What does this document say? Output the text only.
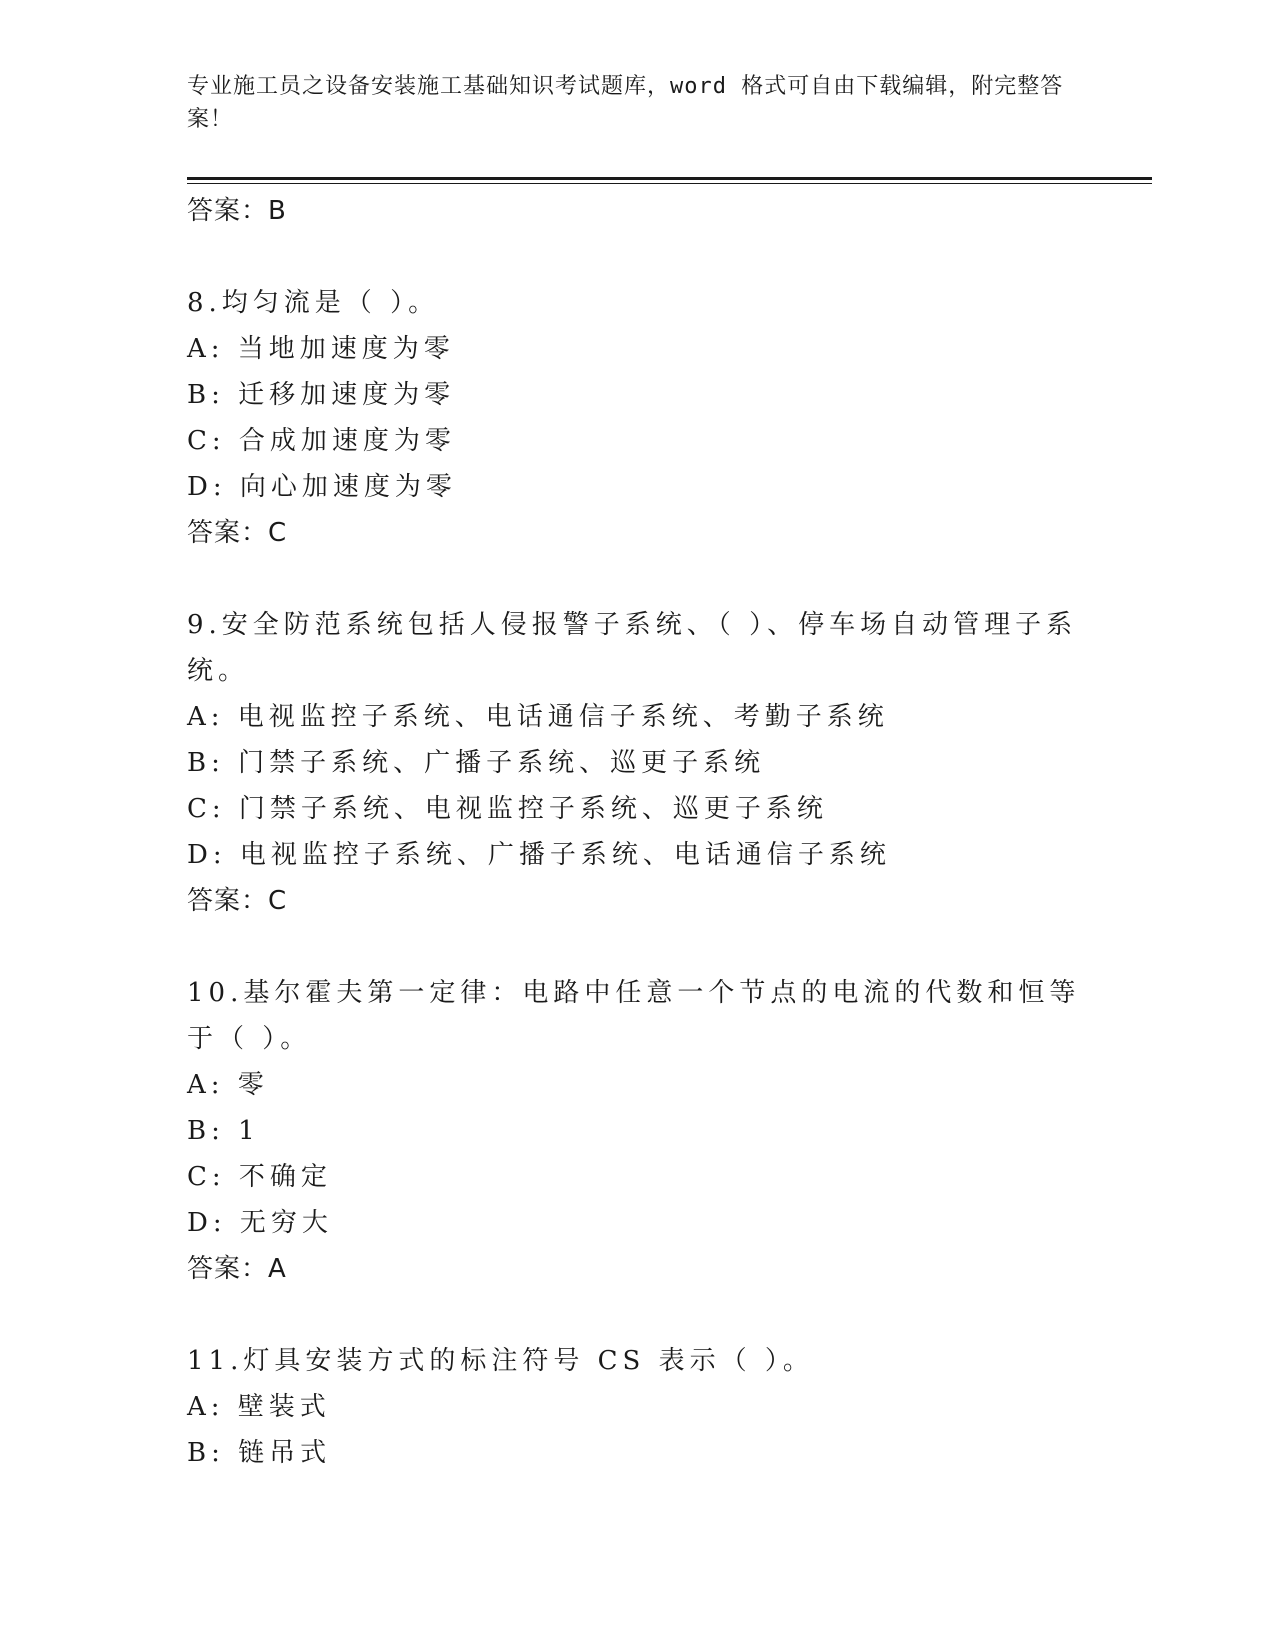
专业施工员之设备安装施工基础知识考试题库，word 格式可自由下载编辑，附完整答案！
答案：B
8.均匀流是（ ）。
A: 当地加速度为零
B: 迁移加速度为零
C: 合成加速度为零
D: 向心加速度为零
答案：C
9.安全防范系统包括人侵报警子系统、（ ）、停车场自动管理子系统。
A: 电视监控子系统、电话通信子系统、考勤子系统
B: 门禁子系统、广播子系统、巡更子系统
C: 门禁子系统、电视监控子系统、巡更子系统
D: 电视监控子系统、广播子系统、电话通信子系统
答案：C
10.基尔霍夫第一定律：电路中任意一个节点的电流的代数和恒等于（ ）。
A: 零
B: 1
C: 不确定
D: 无穷大
答案：A
11.灯具安装方式的标注符号 CS 表示（ ）。
A: 壁装式
B: 链吊式
